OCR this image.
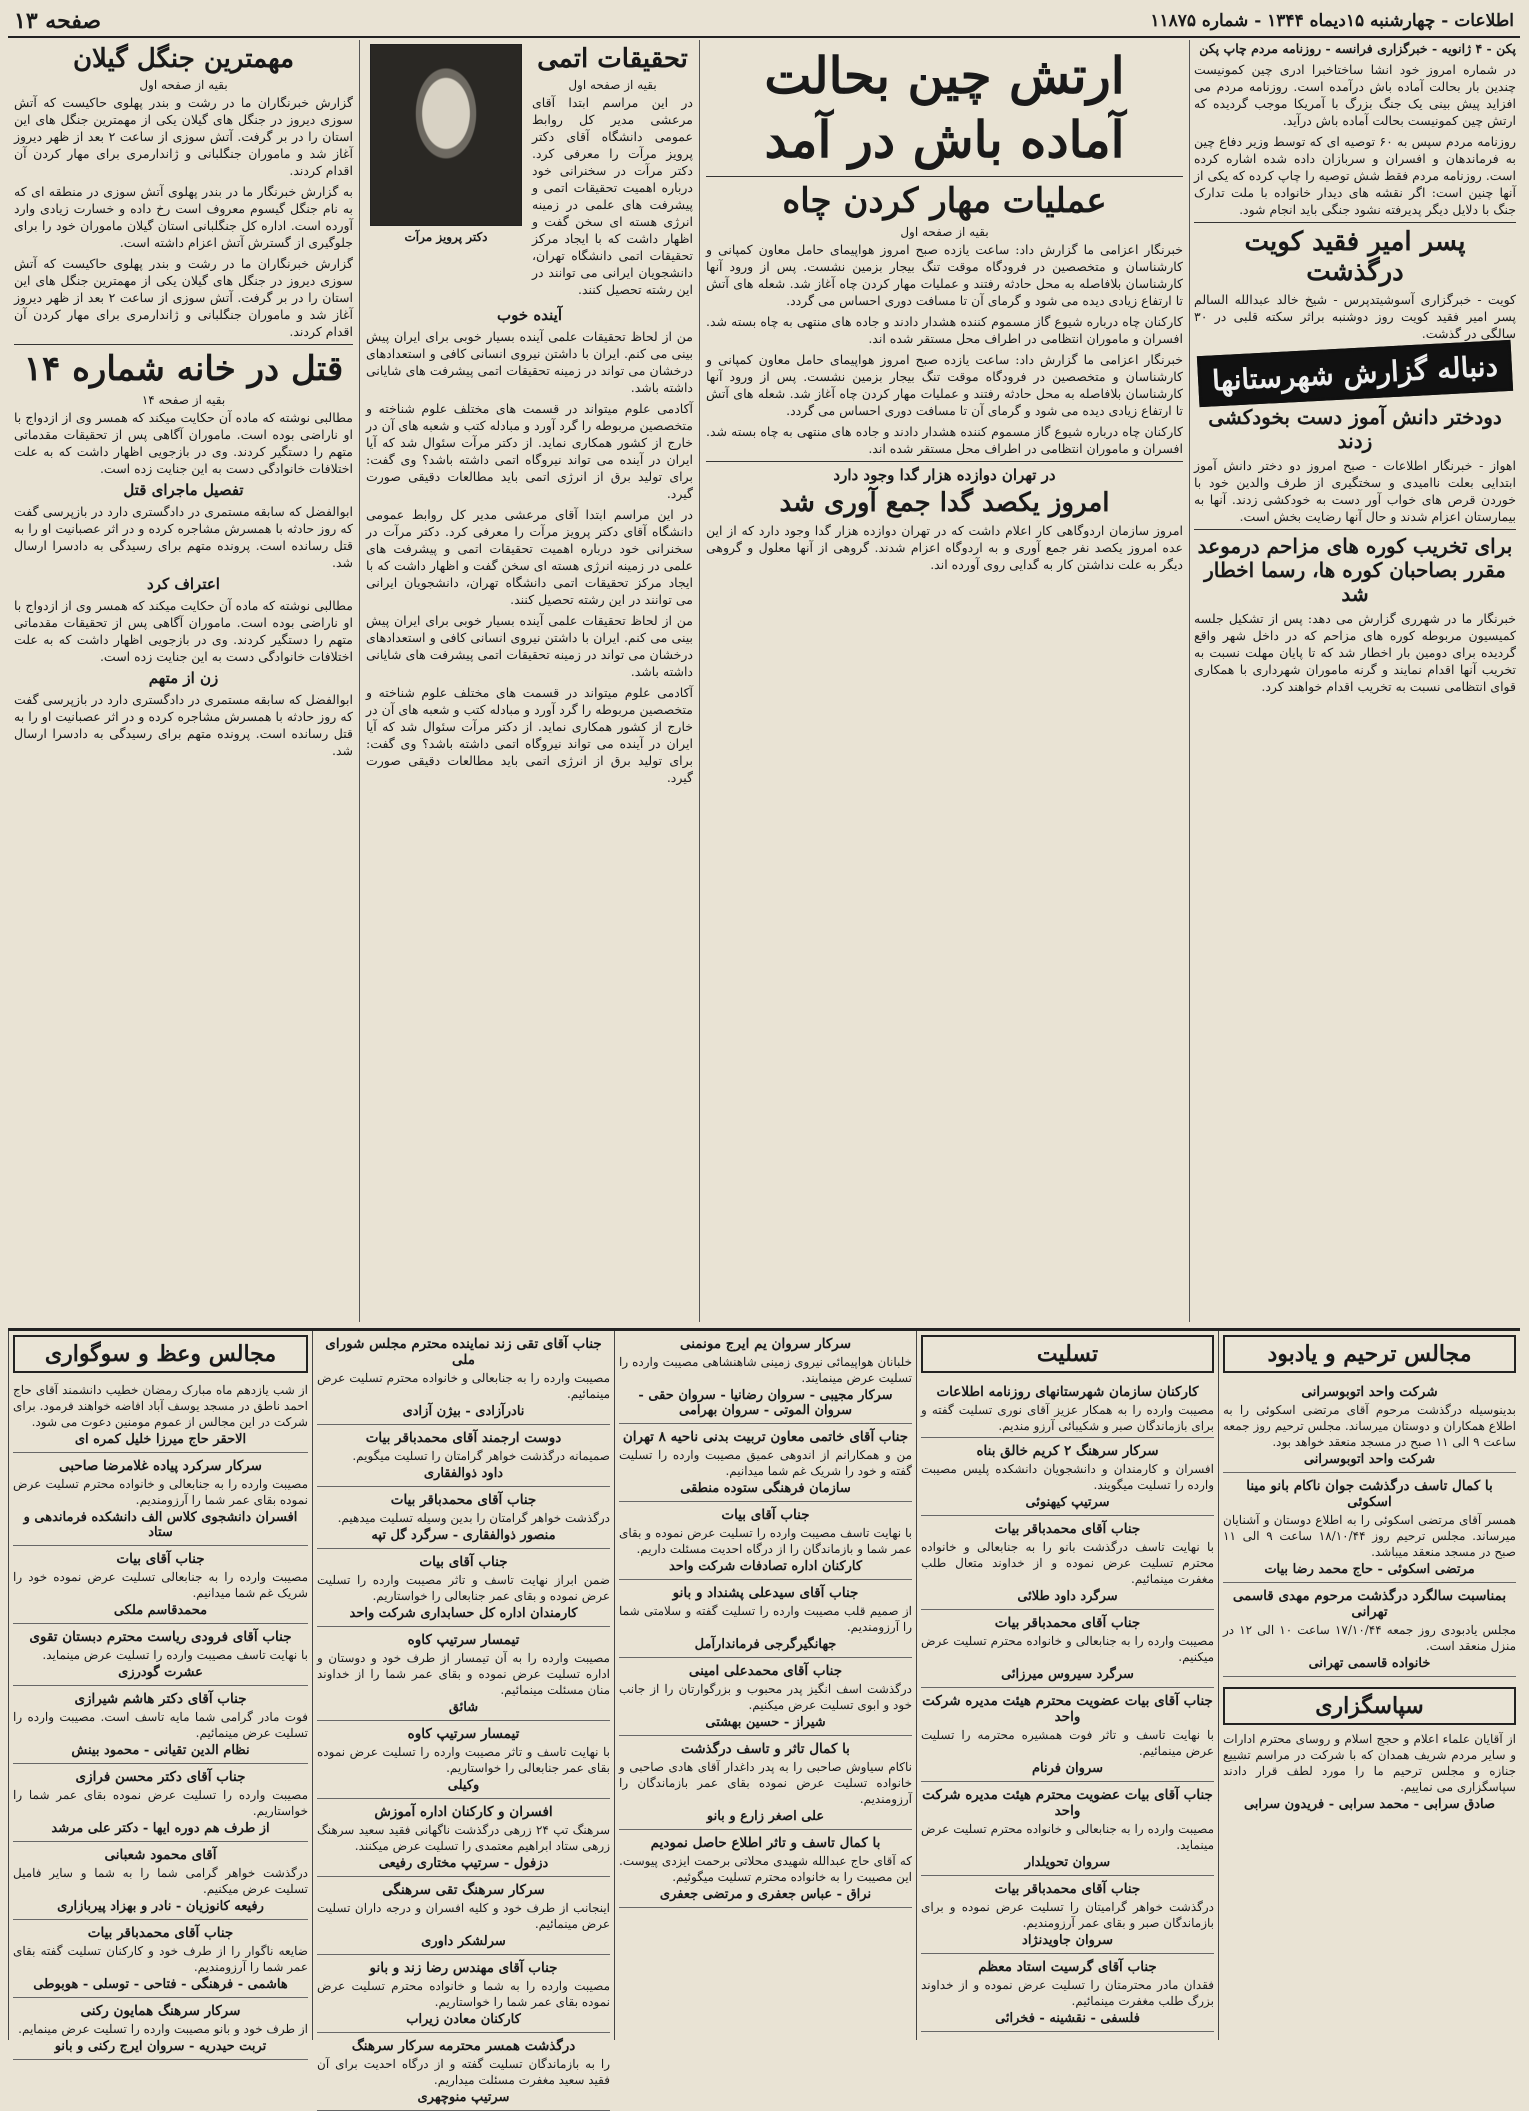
اطلاعات - چهارشنبه ۱۵دیماه ۱۳۴۴ - شماره ۱۱۸۷۵
صفحه ۱۳

پکن - ۴ ژانویه - خبرگزاری فرانسه - روزنامه مردم چاپ پکن

در شماره امروز خود انشا ساختاخبرا ادری چین کمونیست چندین بار بحالت آماده باش درآمده است. روزنامه مردم می افزاید پیش بینی یک جنگ بزرگ با آمریکا موجب گردیده که ارتش چین کمونیست بحالت آماده باش درآید.

روزنامه مردم سپس به ۶۰ توصیه ای که توسط وزیر دفاع چین به فرماندهان و افسران و سربازان داده شده اشاره کرده است. روزنامه مردم فقط شش توصیه را چاپ کرده که یکی از آنها چنین است: اگر نقشه های دیدار خانواده با ملت تدارک جنگ با دلایل دیگر پدیرفته نشود جنگی باید انجام شود.

پسر امیر فقید کویت درگذشت

کویت - خبرگزاری آسوشیتدپرس - شیخ خالد عبدالله السالم پسر امیر فقید کویت روز دوشنبه براثر سکته قلبی در ۳۰ سالگی در گذشت.

دنباله گزارش شهرستانها
دودختر دانش آموز دست بخودکشی زدند

اهواز - خبرنگار اطلاعات - صبح امروز دو دختر دانش آموز ابتدایی بعلت ناامیدی و سختگیری از طرف والدین خود با خوردن قرص های خواب آور دست به خودکشی زدند. آنها به بیمارستان اعزام شدند و حال آنها رضایت بخش است.

برای تخریب کوره های مزاحم درموعد مقرر بصاحبان کوره ها، رسما اخطار شد

خبرنگار ما در شهرری گزارش می دهد: پس از تشکیل جلسه کمیسیون مربوطه کوره های مزاحم که در داخل شهر واقع گردیده برای دومین بار اخطار شد که تا پایان مهلت نسبت به تخریب آنها اقدام نمایند و گرنه ماموران شهرداری با همکاری قوای انتظامی نسبت به تخریب اقدام خواهند کرد.

ارتش چین بحالت آماده باش در آمد
عملیات مهار کردن چاه
بقیه از صفحه اول

خبرنگار اعزامی ما گزارش داد: ساعت یازده صبح امروز هواپیمای حامل معاون کمپانی و کارشناسان و متخصصین در فرودگاه موقت تنگ بیجار بزمین نشست. پس از ورود آنها کارشناسان بلافاصله به محل حادثه رفتند و عملیات مهار کردن چاه آغاز شد. شعله های آتش تا ارتفاع زیادی دیده می شود و گرمای آن تا مسافت دوری احساس می گردد.

کارکنان چاه درباره شیوع گاز مسموم کننده هشدار دادند و جاده های منتهی به چاه بسته شد. افسران و ماموران انتظامی در اطراف محل مستقر شده اند.

خبرنگار اعزامی ما گزارش داد: ساعت یازده صبح امروز هواپیمای حامل معاون کمپانی و کارشناسان و متخصصین در فرودگاه موقت تنگ بیجار بزمین نشست. پس از ورود آنها کارشناسان بلافاصله به محل حادثه رفتند و عملیات مهار کردن چاه آغاز شد. شعله های آتش تا ارتفاع زیادی دیده می شود و گرمای آن تا مسافت دوری احساس می گردد.

کارکنان چاه درباره شیوع گاز مسموم کننده هشدار دادند و جاده های منتهی به چاه بسته شد. افسران و ماموران انتظامی در اطراف محل مستقر شده اند.

در تهران دوازده هزار گدا وجود دارد
امروز یکصد گدا جمع آوری شد

امروز سازمان اردوگاهی کار اعلام داشت که در تهران دوازده هزار گدا وجود دارد که از این عده امروز یکصد نفر جمع آوری و به اردوگاه اعزام شدند. گروهی از آنها معلول و گروهی دیگر به علت نداشتن کار به گدایی روی آورده اند.

تحقیقات اتمی
بقیه از صفحه اول

در این مراسم ابتدا آقای مرعشی مدیر کل روابط عمومی دانشگاه آقای دکتر پرویز مرآت را معرفی کرد. دکتر مرآت در سخنرانی خود درباره اهمیت تحقیقات اتمی و پیشرفت های علمی در زمینه انرژی هسته ای سخن گفت و اظهار داشت که با ایجاد مرکز تحقیقات اتمی دانشگاه تهران، دانشجویان ایرانی می توانند در این رشته تحصیل کنند.

دکتر پرویز مرآت
آینده خوب

من از لحاظ تحقیقات علمی آینده بسیار خوبی برای ایران پیش بینی می کنم. ایران با داشتن نیروی انسانی کافی و استعدادهای درخشان می تواند در زمینه تحقیقات اتمی پیشرفت های شایانی داشته باشد.

آکادمی علوم میتواند در قسمت های مختلف علوم شناخته و متخصصین مربوطه را گرد آورد و مبادله کتب و شعبه های آن در خارج از کشور همکاری نماید. از دکتر مرآت سئوال شد که آیا ایران در آینده می تواند نیروگاه اتمی داشته باشد؟ وی گفت: برای تولید برق از انرژی اتمی باید مطالعات دقیقی صورت گیرد.

در این مراسم ابتدا آقای مرعشی مدیر کل روابط عمومی دانشگاه آقای دکتر پرویز مرآت را معرفی کرد. دکتر مرآت در سخنرانی خود درباره اهمیت تحقیقات اتمی و پیشرفت های علمی در زمینه انرژی هسته ای سخن گفت و اظهار داشت که با ایجاد مرکز تحقیقات اتمی دانشگاه تهران، دانشجویان ایرانی می توانند در این رشته تحصیل کنند.

من از لحاظ تحقیقات علمی آینده بسیار خوبی برای ایران پیش بینی می کنم. ایران با داشتن نیروی انسانی کافی و استعدادهای درخشان می تواند در زمینه تحقیقات اتمی پیشرفت های شایانی داشته باشد.

آکادمی علوم میتواند در قسمت های مختلف علوم شناخته و متخصصین مربوطه را گرد آورد و مبادله کتب و شعبه های آن در خارج از کشور همکاری نماید. از دکتر مرآت سئوال شد که آیا ایران در آینده می تواند نیروگاه اتمی داشته باشد؟ وی گفت: برای تولید برق از انرژی اتمی باید مطالعات دقیقی صورت گیرد.

مهمترین جنگل گیلان
بقیه از صفحه اول

گزارش خبرنگاران ما در رشت و بندر پهلوی حاکیست که آتش سوزی دیروز در جنگل های گیلان یکی از مهمترین جنگل های این استان را در بر گرفت. آتش سوزی از ساعت ۲ بعد از ظهر دیروز آغاز شد و ماموران جنگلبانی و ژاندارمری برای مهار کردن آن اقدام کردند.

به گزارش خبرنگار ما در بندر پهلوی آتش سوزی در منطقه ای که به نام جنگل گیسوم معروف است رخ داده و خسارت زیادی وارد آورده است. اداره کل جنگلبانی استان گیلان ماموران خود را برای جلوگیری از گسترش آتش اعزام داشته است.

گزارش خبرنگاران ما در رشت و بندر پهلوی حاکیست که آتش سوزی دیروز در جنگل های گیلان یکی از مهمترین جنگل های این استان را در بر گرفت. آتش سوزی از ساعت ۲ بعد از ظهر دیروز آغاز شد و ماموران جنگلبانی و ژاندارمری برای مهار کردن آن اقدام کردند.

قتل در خانه شماره ۱۴
بقیه از صفحه ۱۴

مطالبی نوشته که ماده آن حکایت میکند که همسر وی از ازدواج با او ناراضی بوده است. ماموران آگاهی پس از تحقیقات مقدماتی متهم را دستگیر کردند. وی در بازجویی اظهار داشت که به علت اختلافات خانوادگی دست به این جنایت زده است.

تفصیل ماجرای قتل

ابوالفضل که سابقه مستمری در دادگستری دارد در بازپرسی گفت که روز حادثه با همسرش مشاجره کرده و در اثر عصبانیت او را به قتل رسانده است. پرونده متهم برای رسیدگی به دادسرا ارسال شد.

اعتراف کرد

مطالبی نوشته که ماده آن حکایت میکند که همسر وی از ازدواج با او ناراضی بوده است. ماموران آگاهی پس از تحقیقات مقدماتی متهم را دستگیر کردند. وی در بازجویی اظهار داشت که به علت اختلافات خانوادگی دست به این جنایت زده است.

زن از متهم

ابوالفضل که سابقه مستمری در دادگستری دارد در بازپرسی گفت که روز حادثه با همسرش مشاجره کرده و در اثر عصبانیت او را به قتل رسانده است. پرونده متهم برای رسیدگی به دادسرا ارسال شد.

مجالس ترحیم و یادبود
شرکت واحد اتوبوسرانی
بدینوسیله درگذشت مرحوم آقای مرتضی اسکوئی را به اطلاع همکاران و دوستان میرساند. مجلس ترحیم روز جمعه ساعت ۹ الی ۱۱ صبح در مسجد منعقد خواهد بود.
شرکت واحد اتوبوسرانی
با کمال تاسف درگذشت جوان ناکام بانو مینا اسکوئی
همسر آقای مرتضی اسکوئی را به اطلاع دوستان و آشنایان میرساند. مجلس ترحیم روز ۱۸/۱۰/۴۴ ساعت ۹ الی ۱۱ صبح در مسجد منعقد میباشد.
مرتضی اسکوئی - حاج محمد رضا بیات
بمناسبت سالگرد درگذشت مرحوم مهدی قاسمی تهرانی
مجلس یادبودی روز جمعه ۱۷/۱۰/۴۴ ساعت ۱۰ الی ۱۲ در منزل منعقد است.
خانواده قاسمی تهرانی
سپاسگزاری
از آقایان علماء اعلام و حجج اسلام و روسای محترم ادارات و سایر مردم شریف همدان که با شرکت در مراسم تشییع جنازه و مجلس ترحیم ما را مورد لطف قرار دادند سپاسگزاری می نماییم.
صادق سرابی - محمد سرابی - فریدون سرابی
تسلیت
کارکنان سازمان شهرستانهای روزنامه اطلاعات
مصیبت وارده را به همکار عزیز آقای نوری تسلیت گفته و برای بازماندگان صبر و شکیبائی آرزو مندیم.
سرکار سرهنگ ۲ کریم خالق بناه
افسران و کارمندان و دانشجویان دانشکده پلیس مصیبت وارده را تسلیت میگویند.
سرتیپ کیهنوئی
جناب آقای محمدباقر بیات
با نهایت تاسف درگذشت بانو را به جنابعالی و خانواده محترم تسلیت عرض نموده و از خداوند متعال طلب مغفرت مینمائیم.
سرگرد داود طلائی
جناب آقای محمدباقر بیات
مصیبت وارده را به جنابعالی و خانواده محترم تسلیت عرض میکنیم.
سرگرد سیروس میرزائی
جناب آقای بیات عضویت محترم هیئت مدیره شرکت واحد
با نهایت تاسف و تاثر فوت همشیره محترمه را تسلیت عرض مینمائیم.
سروان فرنام
جناب آقای بیات عضویت محترم هیئت مدیره شرکت واحد
مصیبت وارده را به جنابعالی و خانواده محترم تسلیت عرض مینماید.
سروان تحویلدار
جناب آقای محمدباقر بیات
درگذشت خواهر گرامیتان را تسلیت عرض نموده و برای بازماندگان صبر و بقای عمر آرزومندیم.
سروان جاویدنژاد
جناب آقای گرسیت استاد معظم
فقدان مادر محترمتان را تسلیت عرض نموده و از خداوند بزرگ طلب مغفرت مینمائیم.
فلسفی - نقشینه - فخرائی
سرکار سروان یم ایرج مونمنی
خلبانان هواپیمائی نیروی زمینی شاهنشاهی مصیبت وارده را تسلیت عرض مینمایند.
سرکار مجیبی - سروان رضانیا - سروان حقی - سروان الموتی - سروان بهرامی
جناب آقای خاتمی معاون تربیت بدنی ناحیه ۸ تهران
من و همکارانم از اندوهی عمیق مصیبت وارده را تسلیت گفته و خود را شریک غم شما میدانیم.
سازمان فرهنگی ستوده منطقی
جناب آقای بیات
با نهایت تاسف مصیبت وارده را تسلیت عرض نموده و بقای عمر شما و بازماندگان را از درگاه احدیت مسئلت داریم.
کارکنان اداره تصادفات شرکت واحد
جناب آقای سیدعلی پشنداد و بانو
از صمیم قلب مصیبت وارده را تسلیت گفته و سلامتی شما را آرزومندیم.
جهانگیرگرجی فرماندارآمل
جناب آقای محمدعلی امینی
درگذشت اسف انگیز پدر محبوب و بزرگوارتان را از جانب خود و ابوی تسلیت عرض میکنیم.
شیراز - حسین بهشتی
با کمال تاثر و تاسف درگذشت
ناکام سیاوش صاحبی را به پدر داغدار آقای هادی صاحبی و خانواده تسلیت عرض نموده بقای عمر بازماندگان را آرزومندیم.
علی اصغر زارع و بانو
با کمال تاسف و تاثر اطلاع حاصل نمودیم
که آقای حاج عبدالله شهیدی محلاتی برحمت ایزدی پیوست. این مصیبت را به خانواده محترم تسلیت میگوئیم.
نراق - عباس جعفری و مرتضی جعفری
جناب آقای تقی زند نماینده محترم مجلس شورای ملی
مصیبت وارده را به جنابعالی و خانواده محترم تسلیت عرض مینمائیم.
نادرآزادی - بیژن آزادی
دوست ارجمند آقای محمدباقر بیات
صمیمانه درگذشت خواهر گرامتان را تسلیت میگویم.
داود ذوالفقاری
جناب آقای محمدباقر بیات
درگذشت خواهر گرامتان را بدین وسیله تسلیت میدهیم.
منصور ذوالفقاری - سرگرد گل تپه
جناب آقای بیات
ضمن ابراز نهایت تاسف و تاثر مصیبت وارده را تسلیت عرض نموده و بقای عمر جنابعالی را خواستاریم.
کارمندان اداره کل حسابداری شرکت واحد
تیمسار سرتیپ کاوه
مصیبت وارده را به آن تیمسار از طرف خود و دوستان و اداره تسلیت عرض نموده و بقای عمر شما را از خداوند منان مسئلت مینمائیم.
شائق
تیمسار سرتیپ کاوه
با نهایت تاسف و تاثر مصیبت وارده را تسلیت عرض نموده بقای عمر جنابعالی را خواستاریم.
وکیلی
افسران و کارکنان اداره آموزش
سرهنگ تپ ۲۴ زرهی درگذشت ناگهانی فقید سعید سرهنگ زرهی ستاد ابراهیم معتمدی را تسلیت عرض میکنند.
دزفول - سرتیپ مختاری رفیعی
سرکار سرهنگ تقی سرهنگی
اینجانب از طرف خود و کلیه افسران و درجه داران تسلیت عرض مینمائیم.
سرلشکر داوری
جناب آقای مهندس رضا زند و بانو
مصیبت وارده را به شما و خانواده محترم تسلیت عرض نموده بقای عمر شما را خواستاریم.
کارکنان معادن زیراب
درگذشت همسر محترمه سرکار سرهنگ
را به بازماندگان تسلیت گفته و از درگاه احدیت برای آن فقید سعید مغفرت مسئلت میداریم.
سرتیپ منوچهری
مجالس وعظ و سوگواری
از شب یازدهم ماه مبارک رمضان خطیب دانشمند آقای حاج احمد ناطق در مسجد یوسف آباد افاضه خواهند فرمود. برای شرکت در این مجالس از عموم مومنین دعوت می شود.
الاحقر حاج میرزا خلیل کمره ای
سرکار سرکرد پیاده غلامرضا صاحبی
مصیبت وارده را به جنابعالی و خانواده محترم تسلیت عرض نموده بقای عمر شما را آرزومندیم.
افسران دانشجوی کلاس الف دانشکده فرماندهی و ستاد
جناب آقای بیات
مصیبت وارده را به جنابعالی تسلیت عرض نموده خود را شریک غم شما میدانیم.
محمدقاسم ملکی
جناب آقای فرودی ریاست محترم دبستان تقوی
با نهایت تاسف مصیبت وارده را تسلیت عرض مینماید.
عشرت گودرزی
جناب آقای دکتر هاشم شیرازی
فوت مادر گرامی شما مایه تاسف است. مصیبت وارده را تسلیت عرض مینمائیم.
نظام الدین تقیانی - محمود بینش
جناب آقای دکتر محسن فرازی
مصیبت وارده را تسلیت عرض نموده بقای عمر شما را خواستاریم.
از طرف هم دوره ایها - دکتر علی مرشد
آقای محمود شعبانی
درگذشت خواهر گرامی شما را به شما و سایر فامیل تسلیت عرض میکنیم.
رفیعه کانوزیان - نادر و بهزاد پیربازاری
جناب آقای محمدباقر بیات
ضایعه ناگوار را از طرف خود و کارکنان تسلیت گفته بقای عمر شما را آرزومندیم.
هاشمی - فرهنگی - فتاحی - توسلی - هوبوطی
سرکار سرهنگ همایون رکنی
از طرف خود و بانو مصیبت وارده را تسلیت عرض مینمایم.
تربت حیدریه - سروان ایرج رکنی و بانو
